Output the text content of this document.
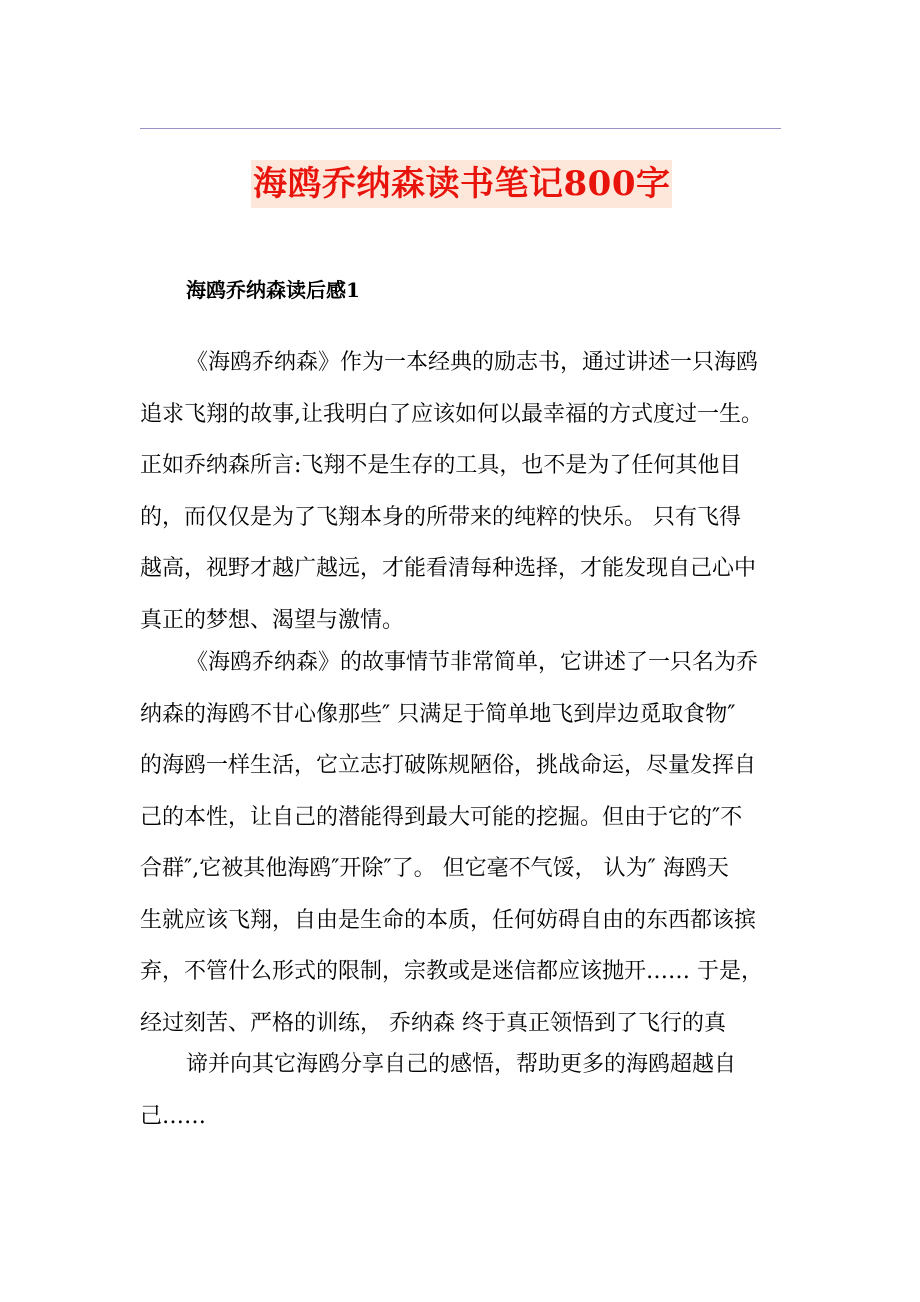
海鸥乔纳森读书笔记800字
海鸥乔纳森读后感1
《海鸥乔纳森》作为一本经典的励志书，通过讲述一只海鸥
追求飞翔的故事,让我明白了应该如何以最幸福的方式度过一生。
正如乔纳森所言:飞翔不是生存的工具，也不是为了任何其他目
的，而仅仅是为了飞翔本身的所带来的纯粹的快乐。 只有飞得
越高，视野才越广越远，才能看清每种选择，才能发现自己心中
真正的梦想、渴望与激情。
《海鸥乔纳森》的故事情节非常简单，它讲述了一只名为乔
纳森的海鸥不甘心像那些″ 只满足于简单地飞到岸边觅取食物″
的海鸥一样生活，它立志打破陈规陋俗，挑战命运，尽量发挥自
己的本性，让自己的潜能得到最大可能的挖掘。但由于它的″不
合群″,它被其他海鸥″开除″了。 但它毫不气馁， 认为″ 海鸥天
生就应该飞翔，自由是生命的本质，任何妨碍自由的东西都该摈
弃，不管什么形式的限制，宗教或是迷信都应该抛开…… 于是，
经过刻苦、严格的训练， 乔纳森 终于真正领悟到了飞行的真
谛并向其它海鸥分享自己的感悟，帮助更多的海鸥超越自
己……
